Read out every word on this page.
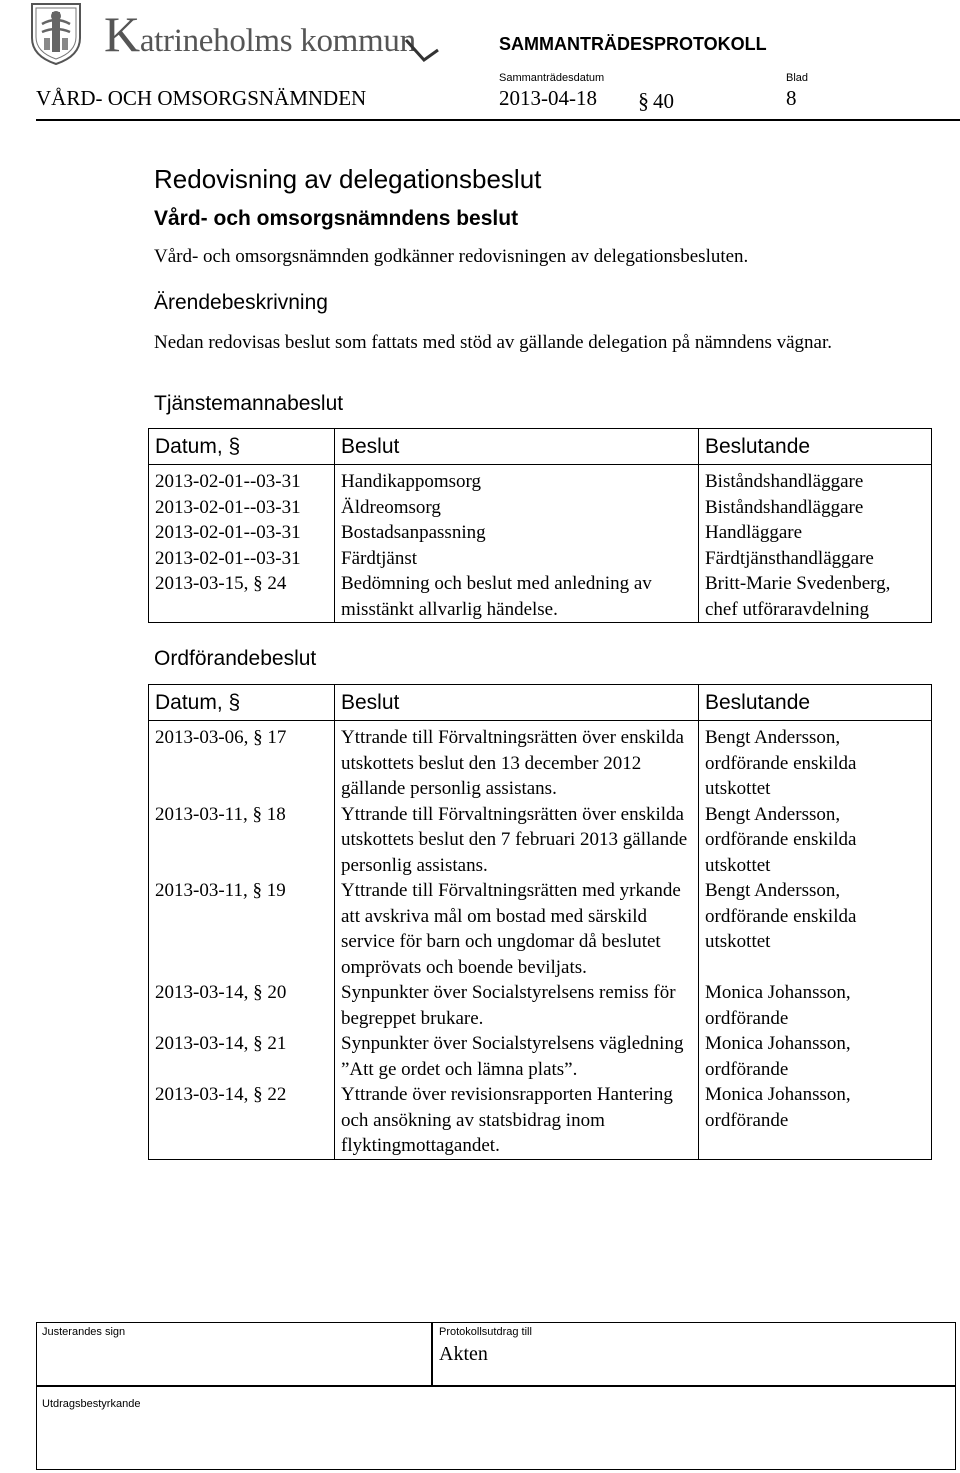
Katrineholms kommun	SAMMANTRÄDESPROTOKOLL
Sammanträdesdatum	Blad
VÅRD- OCH OMSORGSNÄMNDEN	2013-04-18 § 40	8
Redovisning av delegationsbeslut
Vård- och omsorgsnämndens beslut
Vård- och omsorgsnämnden godkänner redovisningen av delegationsbesluten.
Ärendebeskrivning
Nedan redovisas beslut som fattats med stöd av gällande delegation på nämndens vägnar.
Tjänstemannabeslut
Datum, §	Beslut	Beslutande
2013-02-01--03-31	Handikappomsorg	Biståndshandläggare
2013-02-01--03-31	Äldreomsorg	Biståndshandläggare
2013-02-01--03-31	Bostadsanpassning	Handläggare
2013-02-01--03-31	Färdtjänst	Färdtjänsthandläggare
2013-03-15, § 24	Bedömning och beslut med anledning av misstänkt allvarlig händelse.	Britt-Marie Svedenberg, chef utföraravdelning
Ordförandebeslut
Datum, §	Beslut	Beslutande
2013-03-06, § 17	Yttrande till Förvaltningsrätten över enskilda utskottets beslut den 13 december 2012 gällande personlig assistans.	Bengt Andersson, ordförande enskilda utskottet
2013-03-11, § 18	Yttrande till Förvaltningsrätten över enskilda utskottets beslut den 7 februari 2013 gällande personlig assistans.	Bengt Andersson, ordförande enskilda utskottet
2013-03-11, § 19	Yttrande till Förvaltningsrätten med yrkande att avskriva mål om bostad med särskild service för barn och ungdomar då beslutet omprövats och boende beviljats.	Bengt Andersson, ordförande enskilda utskottet
2013-03-14, § 20	Synpunkter över Socialstyrelsens remiss för begreppet brukare.	Monica Johansson, ordförande
2013-03-14, § 21	Synpunkter över Socialstyrelsens vägledning ”Att ge ordet och lämna plats”.	Monica Johansson, ordförande
2013-03-14, § 22	Yttrande över revisionsrapporten Hantering och ansökning av statsbidrag inom flyktingmottagandet.	Monica Johansson, ordförande
Justerandes sign	Protokollsutdrag till
Akten
Utdragsbestyrkande
